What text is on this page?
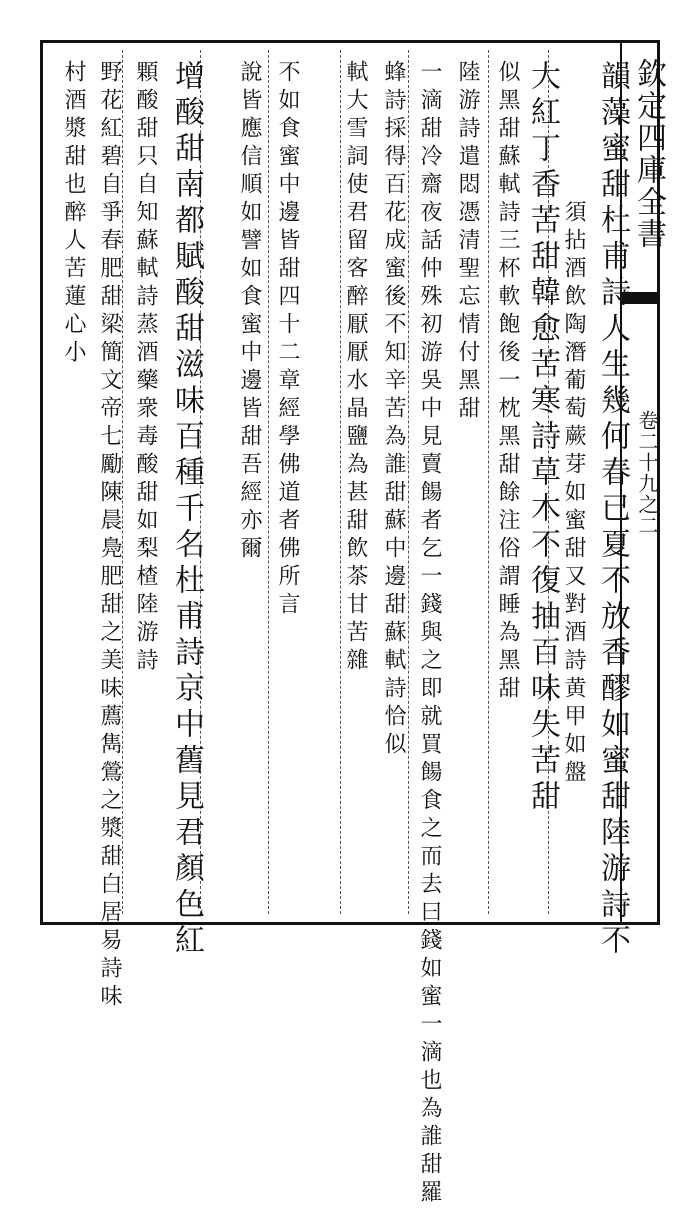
欽定四庫全書
卷二十九之二
韻藻蜜甜杜甫詩人生幾何春已夏不放香醪如蜜甜陸游詩不
須拈酒飲陶潛葡萄蕨芽如蜜甜又對酒詩黄甲如盤
大紅丁香苦甜韓愈苦寒詩草木不復抽百味失苦甜
似黑甜蘇軾詩三杯軟飽後一枕黑甜餘注俗謂睡為黑甜
陸游詩遣悶憑清聖忘情付黑甜
一滴甜冷齋夜話仲殊初游吳中見賣餳者乞一錢與之即就買餳食之而去曰錢如蜜一滴也為誰甜羅
蜂詩採得百花成蜜後不知辛苦為誰甜蘇中邊甜蘇軾詩恰似
軾大雪詞使君留客醉厭厭水晶鹽為甚甜飲茶甘苦雜
不如食蜜中邊皆甜四十二章經學佛道者佛所言
說皆應信順如譬如食蜜中邊皆甜吾經亦爾
增酸甜南都賦酸甜滋味百種千名杜甫詩京中舊見君顏色紅
顆酸甜只自知蘇軾詩蒸酒藥衆毒酸甜如梨楂陸游詩
野花紅碧自爭春肥甜梁簡文帝七勵陳晨鳧肥甜之美味薦雋鶯之漿甜白居易詩味
村酒漿甜也醉人苦蓮心小
